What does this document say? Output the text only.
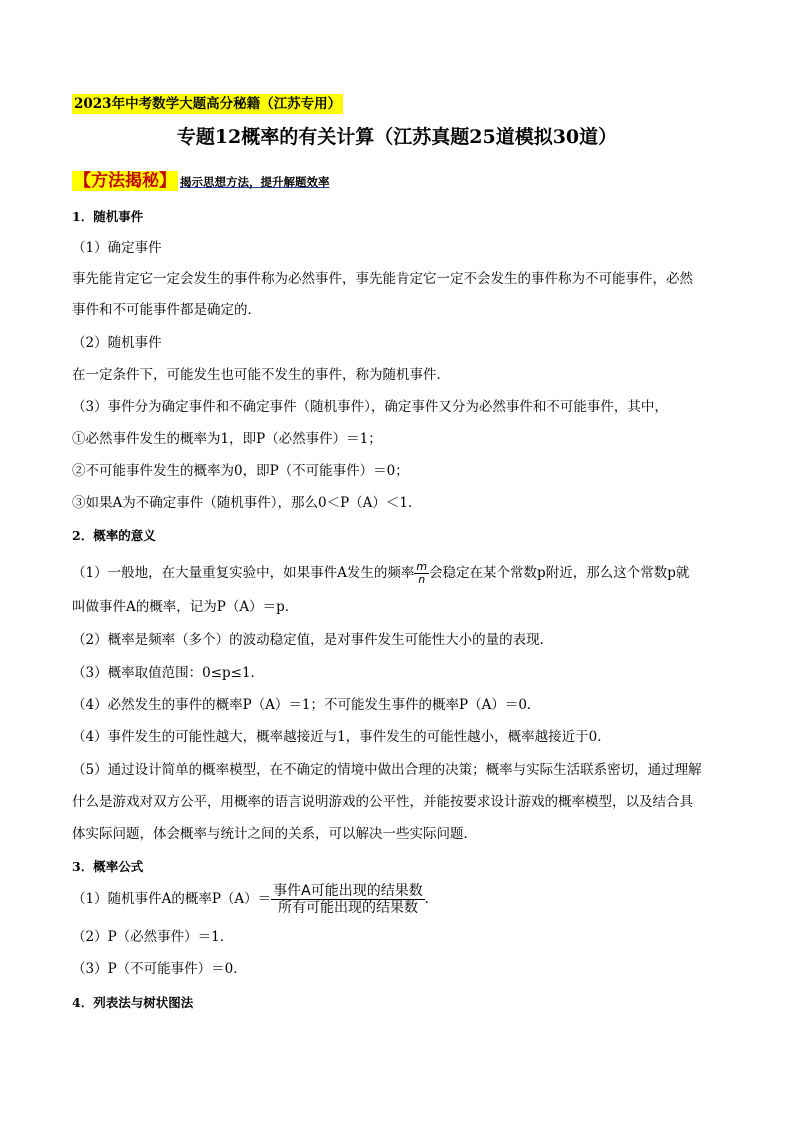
2023年中考数学大题高分秘籍（江苏专用）
专题12概率的有关计算（江苏真题25道模拟30道）
【方法揭秘】 揭示思想方法，提升解题效率
1．随机事件
（1）确定事件
事先能肯定它一定会发生的事件称为必然事件，事先能肯定它一定不会发生的事件称为不可能事件，必然
事件和不可能事件都是确定的．
（2）随机事件
在一定条件下，可能发生也可能不发生的事件，称为随机事件．
（3）事件分为确定事件和不确定事件（随机事件），确定事件又分为必然事件和不可能事件，其中，
①必然事件发生的概率为1，即P（必然事件）＝1；
②不可能事件发生的概率为0，即P（不可能事件）＝0；
③如果A为不确定事件（随机事件），那么0＜P（A）＜1．
2．概率的意义
（1）一般地，在大量重复实验中，如果事件A发生的频率 $\frac{m}{n}$ 会稳定在某个常数p附近，那么这个常数p就
叫做事件A的概率，记为P（A）＝p．
（2）概率是频率（多个）的波动稳定值，是对事件发生可能性大小的量的表现．
（3）概率取值范围：0≤p≤1．
（4）必然发生的事件的概率P（A）＝1；不可能发生事件的概率P（A）＝0．
（4）事件发生的可能性越大，概率越接近与1，事件发生的可能性越小，概率越接近于0．
（5）通过设计简单的概率模型，在不确定的情境中做出合理的决策；概率与实际生活联系密切，通过理解
什么是游戏对双方公平，用概率的语言说明游戏的公平性，并能按要求设计游戏的概率模型，以及结合具
体实际问题，体会概率与统计之间的关系，可以解决一些实际问题．
3．概率公式
（1）随机事件A的概率$P(A)= \frac{\text{事件A可能出现的结果数}}{\text{所有可能出现的结果数}}$ ．
（2）P（必然事件）＝1．
（3）P（不可能事件）＝0．
4．列表法与树状图法
